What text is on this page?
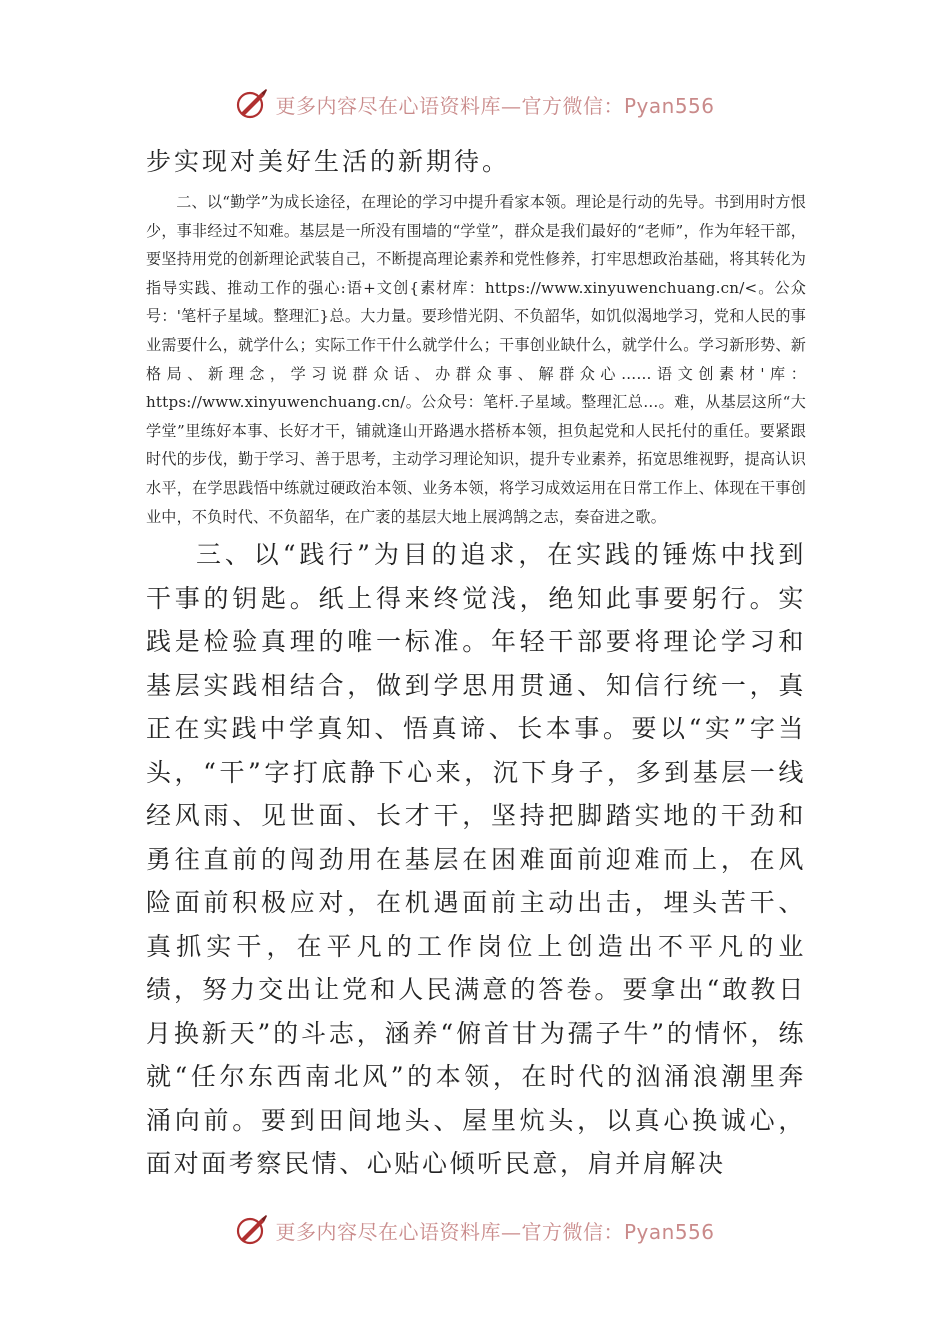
更多内容尽在心语资料库—官方微信：Pyan556

步实现对美好生活的新期待。

二、以“勤学”为成长途径，在理论的学习中提升看家本领。理论是行动的先导。书到用时方恨少，事非经过不知难。基层是一所没有围墙的“学堂”，群众是我们最好的“老师”，作为年轻干部，要坚持用党的创新理论武装自己，不断提高理论素养和党性修养，打牢思想政治基础，将其转化为指导实践、推动工作的强心:语+文创{素材库：https://www.xinyuwenchuang.cn/<。公众号：'笔杆子星域。整理汇}总。大力量。要珍惜光阴、不负韶华，如饥似渴地学习，党和人民的事业需要什么，就学什么；实际工作干什么就学什么；干事创业缺什么，就学什么。学习新形势、新格局、新理念，学习说群众话、办群众事、解群众心……语文创素材'库：https://www.xinyuwenchuang.cn/。公众号：笔杆.子星域。整理汇总…。难，从基层这所“大学堂”里练好本事、长好才干，铺就逢山开路遇水搭桥本领，担负起党和人民托付的重任。要紧跟时代的步伐，勤于学习、善于思考，主动学习理论知识，提升专业素养，拓宽思维视野，提高认识水平，在学思践悟中练就过硬政治本领、业务本领，将学习成效运用在日常工作上、体现在干事创业中，不负时代、不负韶华，在广袤的基层大地上展鸿鹄之志，奏奋进之歌。

三、以“践行”为目的追求，在实践的锤炼中找到干事的钥匙。纸上得来终觉浅，绝知此事要躬行。实践是检验真理的唯一标准。年轻干部要将理论学习和基层实践相结合，做到学思用贯通、知信行统一，真正在实践中学真知、悟真谛、长本事。要以“实”字当头，“干”字打底静下心来，沉下身子，多到基层一线经风雨、见世面、长才干，坚持把脚踏实地的干劲和勇往直前的闯劲用在基层在困难面前迎难而上，在风险面前积极应对，在机遇面前主动出击，埋头苦干、真抓实干，在平凡的工作岗位上创造出不平凡的业绩，努力交出让党和人民满意的答卷。要拿出“敢教日月换新天”的斗志，涵养“俯首甘为孺子牛”的情怀，练就“任尔东西南北风”的本领，在时代的汹涌浪潮里奔涌向前。要到田间地头、屋里炕头，以真心换诚心，面对面考察民情、心贴心倾听民意，肩并肩解决

更多内容尽在心语资料库—官方微信：Pyan556
